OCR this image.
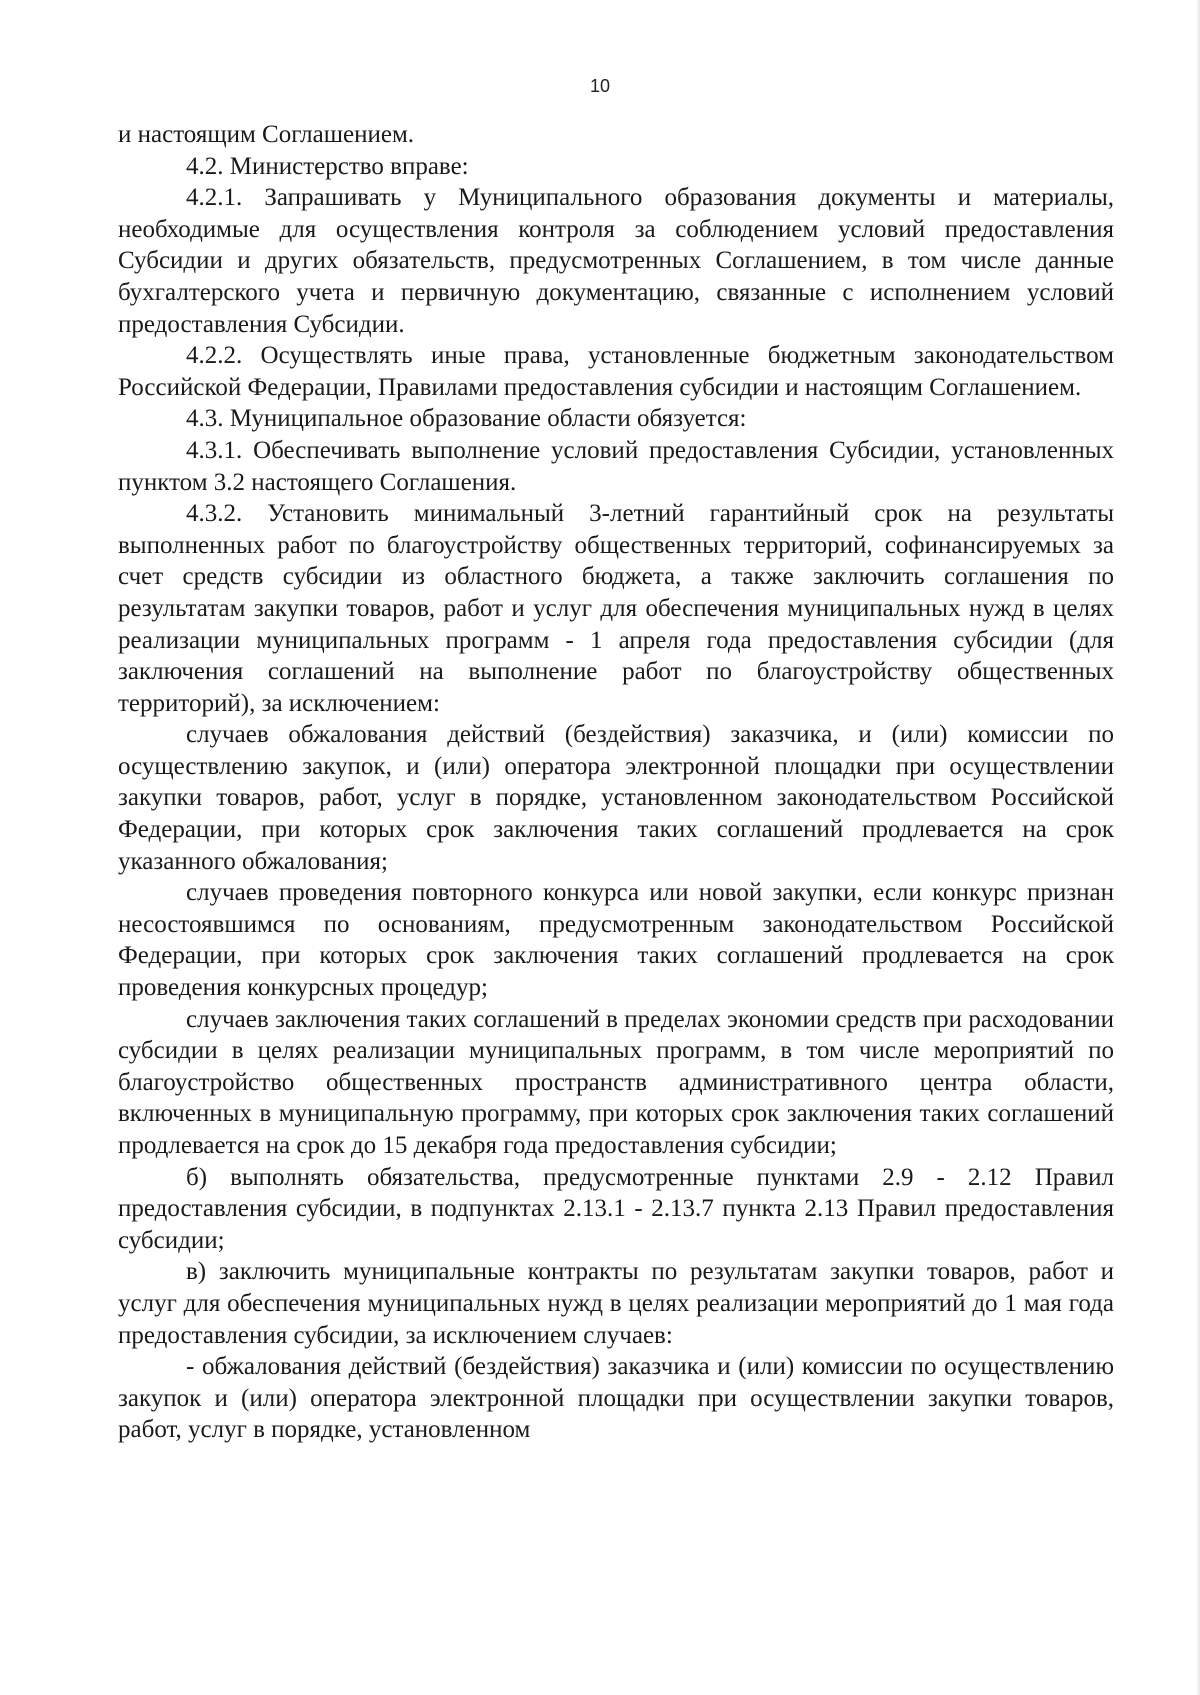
10

и настоящим Соглашением.

4.2. Министерство вправе:

4.2.1. Запрашивать у Муниципального образования документы и материалы, необходимые для осуществления контроля за соблюдением условий предоставления Субсидии и других обязательств, предусмотренных Соглашением, в том числе данные бухгалтерского учета и первичную документацию, связанные с исполнением условий предоставления Субсидии.

4.2.2. Осуществлять иные права, установленные бюджетным законодательством Российской Федерации, Правилами предоставления субсидии и настоящим Соглашением.

4.3. Муниципальное образование области обязуется:

4.3.1. Обеспечивать выполнение условий предоставления Субсидии, установленных пунктом 3.2 настоящего Соглашения.

4.3.2. Установить минимальный 3-летний гарантийный срок на результаты выполненных работ по благоустройству общественных территорий, софинансируемых за счет средств субсидии из областного бюджета, а также заключить соглашения по результатам закупки товаров, работ и услуг для обеспечения муниципальных нужд в целях реализации муниципальных программ - 1 апреля года предоставления субсидии (для заключения соглашений на выполнение работ по благоустройству общественных территорий), за исключением:

случаев обжалования действий (бездействия) заказчика, и (или) комиссии по осуществлению закупок, и (или) оператора электронной площадки при осуществлении закупки товаров, работ, услуг в порядке, установленном законодательством Российской Федерации, при которых срок заключения таких соглашений продлевается на срок указанного обжалования;

случаев проведения повторного конкурса или новой закупки, если конкурс признан несостоявшимся по основаниям, предусмотренным законодательством Российской Федерации, при которых срок заключения таких соглашений продлевается на срок проведения конкурсных процедур;

случаев заключения таких соглашений в пределах экономии средств при расходовании субсидии в целях реализации муниципальных программ, в том числе мероприятий по благоустройство общественных пространств административного центра области, включенных в муниципальную программу, при которых срок заключения таких соглашений продлевается на срок до 15 декабря года предоставления субсидии;

б) выполнять обязательства, предусмотренные пунктами 2.9 - 2.12 Правил предоставления субсидии, в подпунктах 2.13.1 - 2.13.7 пункта 2.13 Правил предоставления субсидии;

в) заключить муниципальные контракты по результатам закупки товаров, работ и услуг для обеспечения муниципальных нужд в целях реализации мероприятий до 1 мая года предоставления субсидии, за исключением случаев:

- обжалования действий (бездействия) заказчика и (или) комиссии по осуществлению закупок и (или) оператора электронной площадки при осуществлении закупки товаров, работ, услуг в порядке, установленном
